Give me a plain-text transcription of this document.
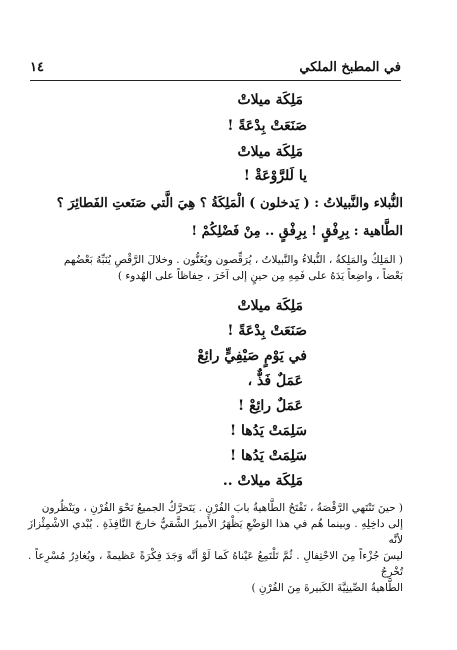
في المطبخ الملكي
١٤
مَلِكَة ميلاتْ
صَنَعَتْ بِدْعَةً !
مَلِكَة ميلاتْ
يا لَلرَّوْعَةْ !
النُّبلاء والنَّبيلاتُ : ( يَدخلون ) الْمَلِكَةُ ؟ هِيَ الَّتي صَنَعتِ الفَطائِرَ ؟
الطَّاهية : بِرِفْقٍ ! بِرِفْقٍ .. مِنْ فَضْلِكُمْ !
( المَلِكُ والمَلِكةُ ، النُّبلاءُ والنَّبيلاتُ ، يُرَقِّصون ويُغَنُّون . وخلالَ الرَّقْصِ يُنَبِّهُ بَعْضُهم
بَعْضاً ، واضِعاً يَدَهُ على فَمِهِ مِن حينٍ إلى آخَرَ ، حِفاظاً على الهُدوء )
مَلِكَة ميلاتْ
صَنَعَتْ بِدْعَةً !
في يَوْمٍ صَيْفِيٍّ رائِعْ
عَمَلٌ فَذٌّ ،
عَمَلٌ رائِعْ !
سَلِمَتْ يَدُها !
سَلِمَتْ يَدُها !
مَلِكَة ميلاتْ ..
( حينَ تَنْتَهي الرَّقْصَةُ ، تَفْتَحُ الطَّاهيةُ بابَ الفُرْنِ . يَتَحرَّكُ الجميعُ نَحْوَ الفُرْنِ ، ويَنْظُرون
إلى داخِلِهِ . وبينما هُم في هذا الوَضْعِ يَظْهَرُ الأَميرُ الشَّقيُّ خارجَ النَّافِذَةِ . يُبْدي الاشْمِئْزازَ لأنَّه
ليسَ جُزْءاً مِنَ الاحْتِفالِ . ثُمَّ تَلْتَمِعُ عَيْناهُ كَما لَوْ أنَّه وَجَدَ فِكْرَةً عَظيمةً ، ويُغادِرُ مُسْرِعاً . تُخْرِجُ
الطَّاهيةُ الصِّينِيَّةَ الكَبيرةَ مِنَ الفُرْنِ )
